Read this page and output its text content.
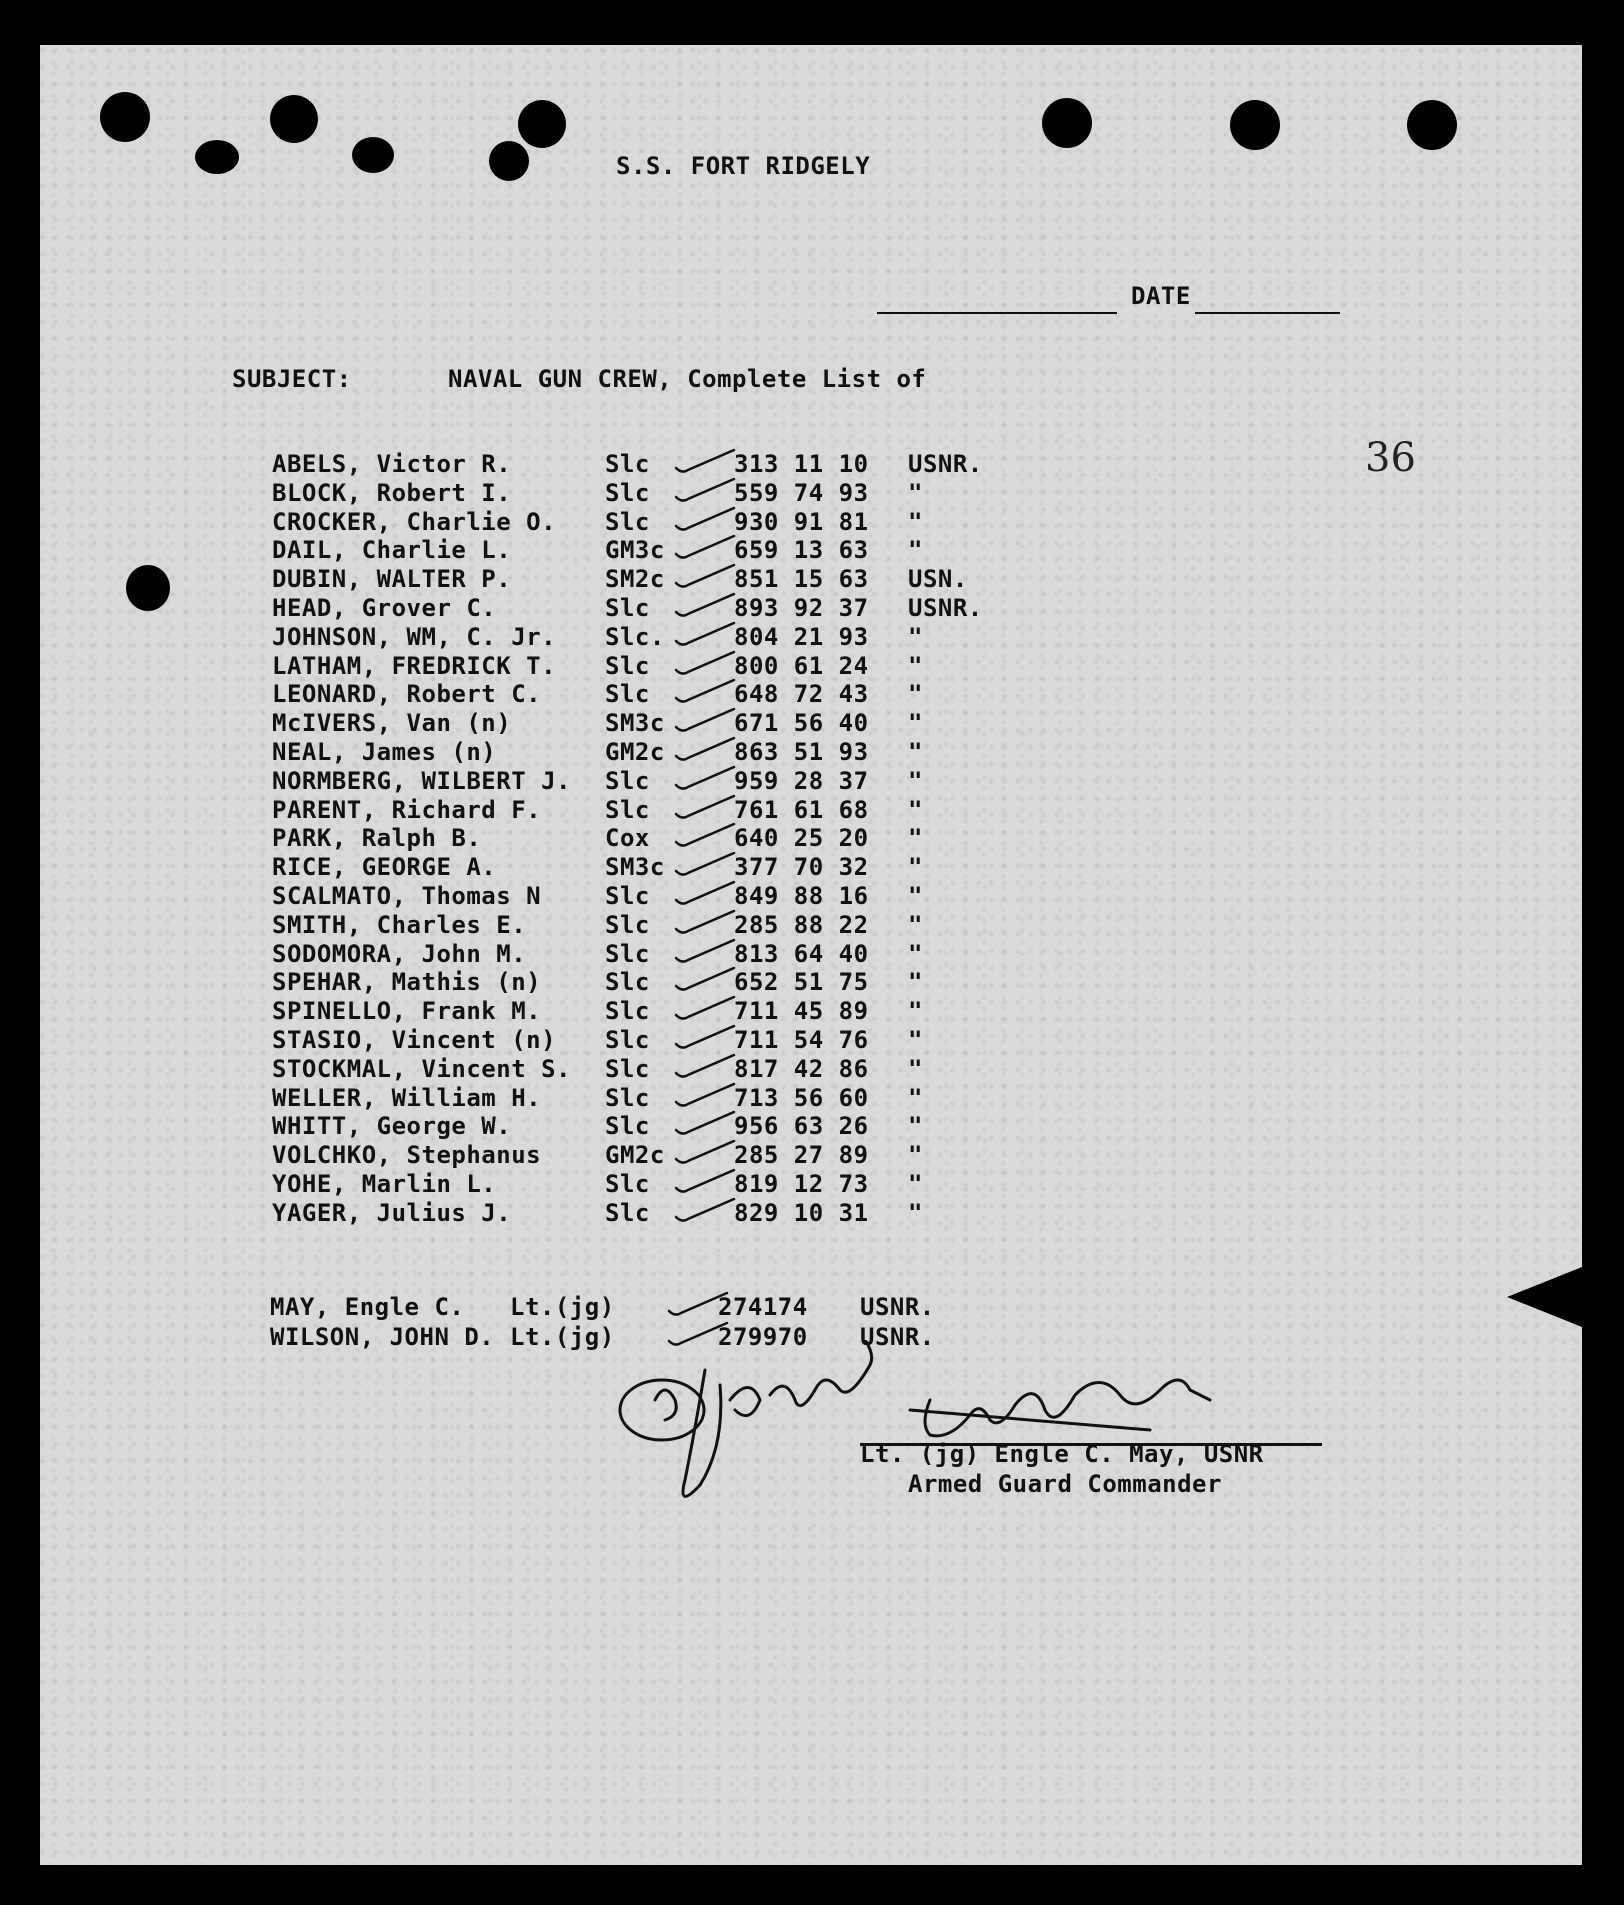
S.S. FORT RIDGELY
DATE
SUBJECT:	NAVAL GUN CREW, Complete List of
36
ABELS, Victor R.	Slc	313 11 10 USNR.
BLOCK, Robert I.	Slc	559 74 93 "
CROCKER, Charlie O. Slc	930 91 81 "
DAIL, Charlie L.	GM3c	659 13 63 "
DUBIN, WALTER P.	SM2c	851 15 63 USN.
HEAD, Grover C.	Slc	893 92 37 USNR.
JOHNSON, WM, C. Jr. Slc.	804 21 93 "
LATHAM, FREDRICK T. Slc	800 61 24 "
LEONARD, Robert C.	Slc	648 72 43 "
McIVERS, Van (n)	SM3c	671 56 40 "
NEAL, James (n)	GM2c	863 51 93 "
NORMBERG, WILBERT J. Slc	959 28 37 "
PARENT, Richard F.	Slc	761 61 68 "
PARK, Ralph B.	Cox	640 25 20 "
RICE, GEORGE A.	SM3c	377 70 32 "
SCALMATO, Thomas N	Slc	849 88 16 "
SMITH, Charles E.	Slc	285 88 22 "
SODOMORA, John M.	Slc	813 64 40 "
SPEHAR, Mathis (n)	Slc	652 51 75 "
SPINELLO, Frank M.	Slc	711 45 89 "
STASIO, Vincent (n) Slc	711 54 76 "
STOCKMAL, Vincent S. Slc	817 42 86 "
WELLER, William H.	Slc	713 56 60 "
WHITT, George W.	Slc	956 63 26 "
VOLCHKO, Stephanus	GM2c	285 27 89 "
YOHE, Marlin L.	Slc	819 12 73 "
YAGER, Julius J.	Slc	829 10 31 "
MAY, Engle C. Lt.(jg)	274174 USNR.
WILSON, JOHN D. Lt.(jg)	279970 USNR.
Lt. (jg) Engle C. May, USNR
Armed Guard Commander
